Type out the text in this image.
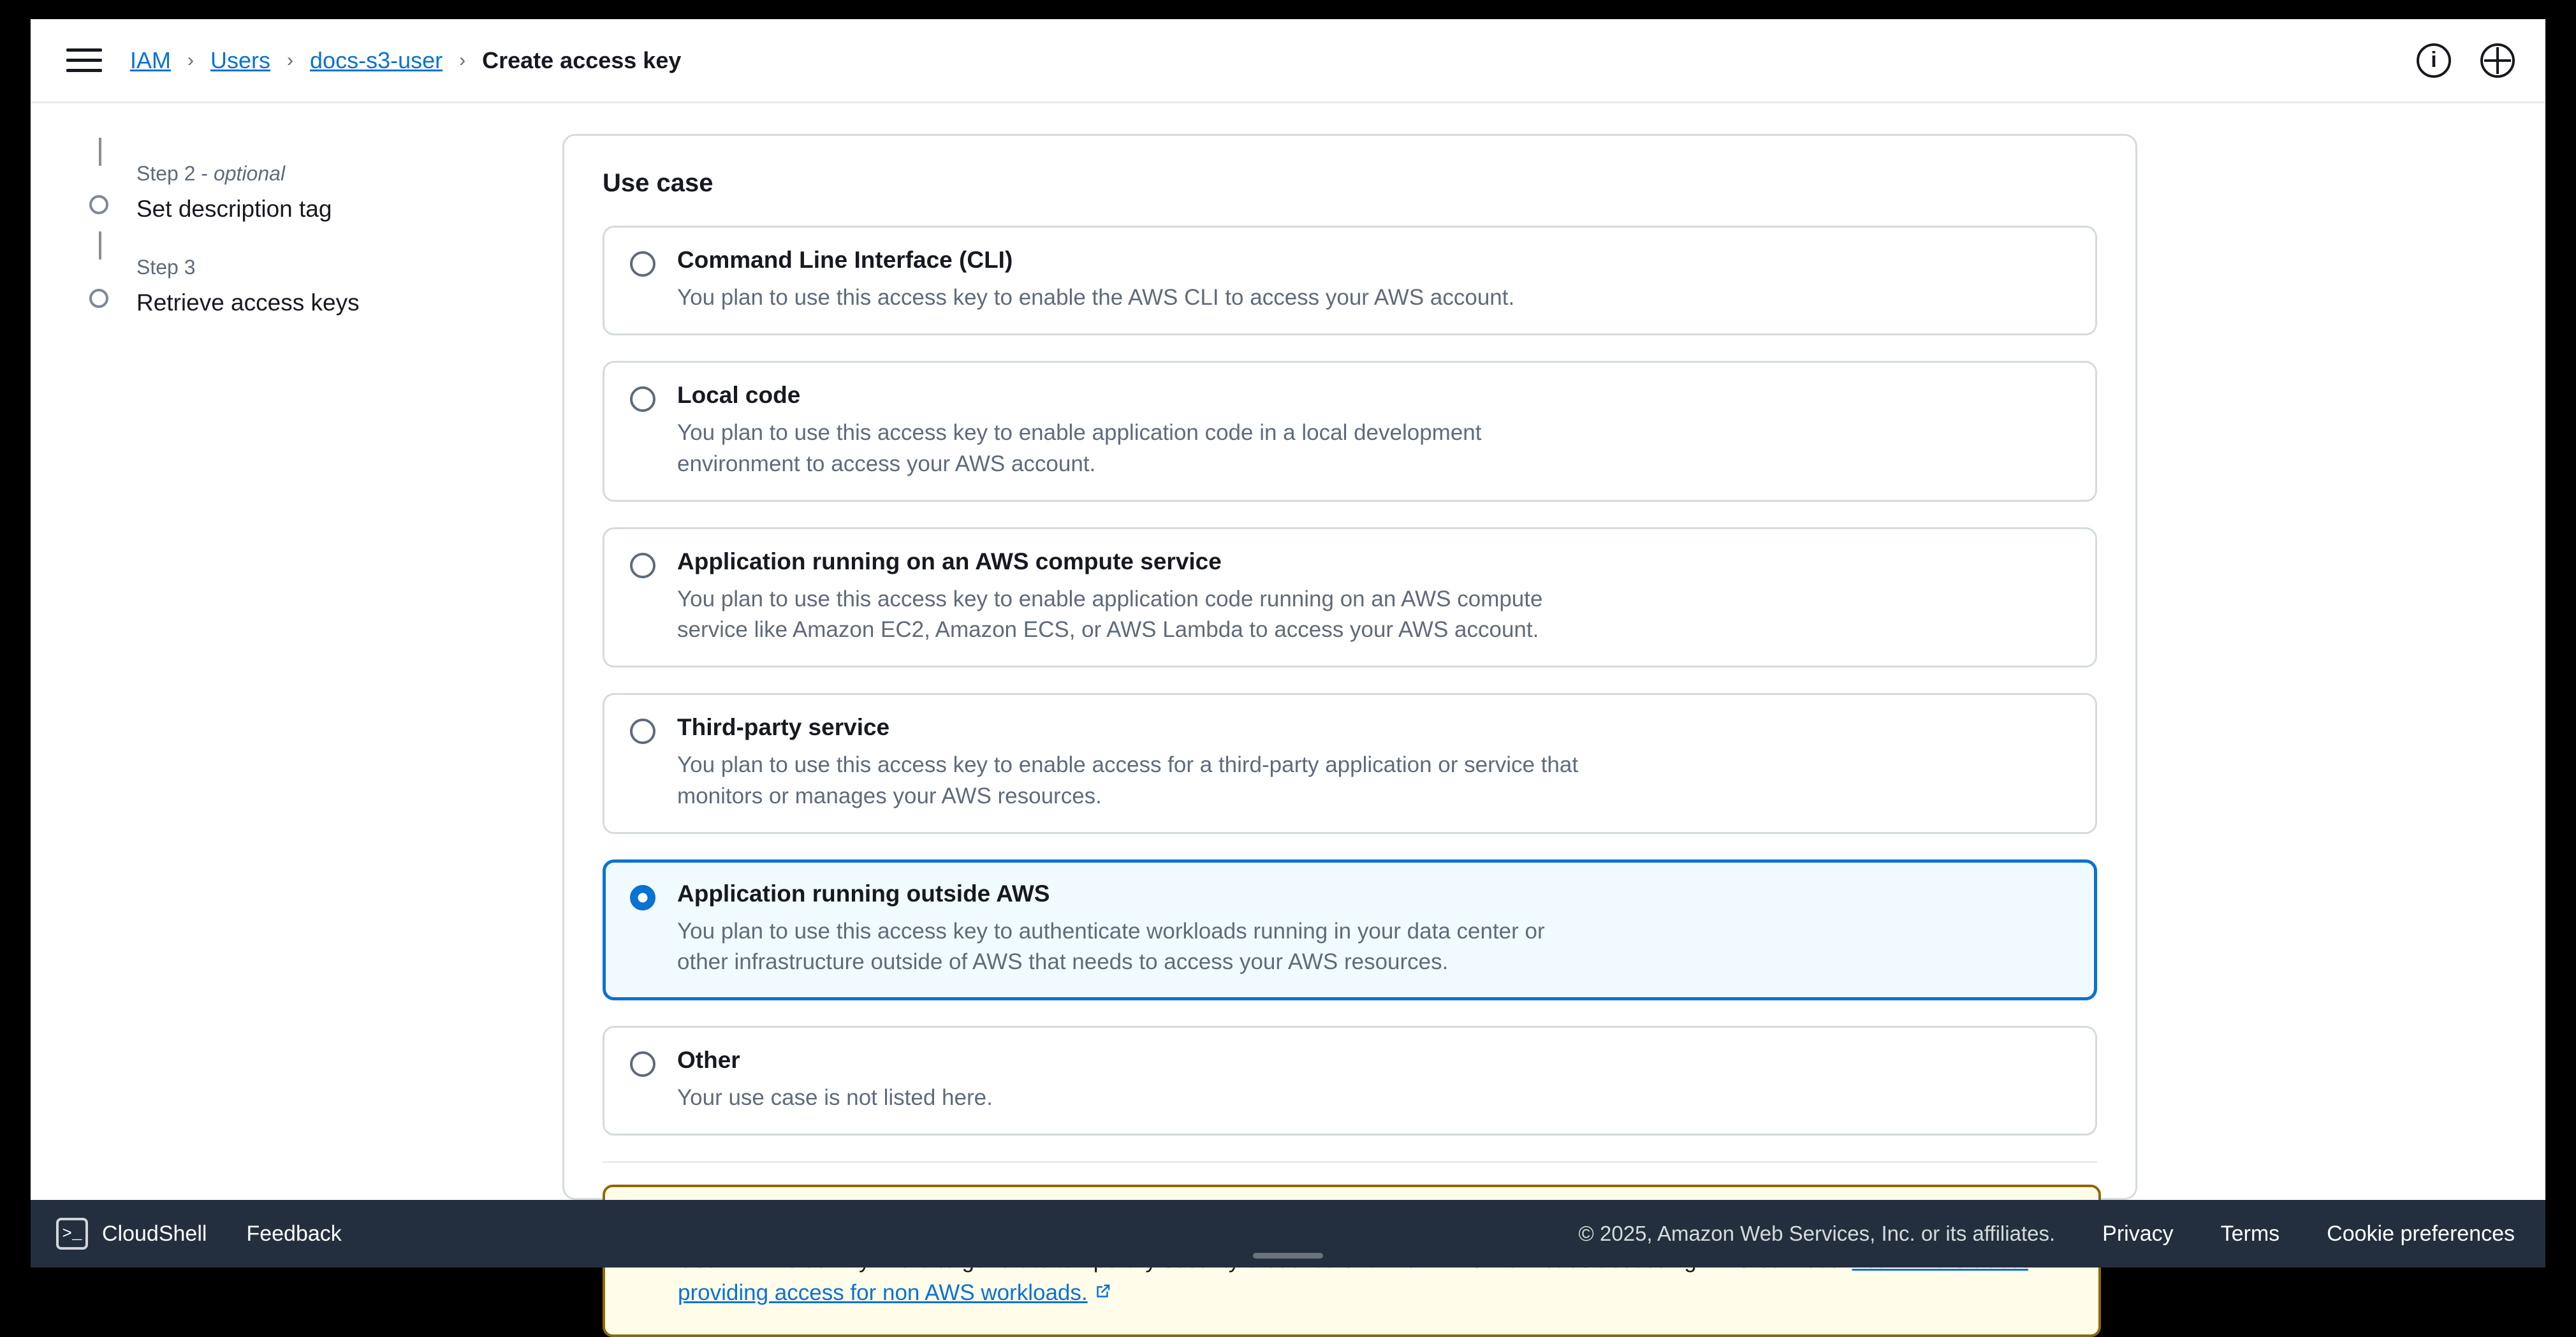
IAM › Users › docs-s3-user › Create access key	i
Step 2 - optional
Set description tag
Step 3
Retrieve access keys
Use case
Command Line Interface (CLI)
You plan to use this access key to enable the AWS CLI to access your AWS account.
Local code
You plan to use this access key to enable application code in a local development environment to access your AWS account.
Application running on an AWS compute service
You plan to use this access key to enable application code running on an AWS compute service like Amazon EC2, Amazon ECS, or AWS Lambda to access your AWS account.
Third-party service
You plan to use this access key to enable access for a third-party application or service that monitors or manages your AWS resources.
Application running outside AWS
You plan to use this access key to authenticate workloads running in your data center or other infrastructure outside of AWS that needs to access your AWS resources.
Other
Your use case is not listed here.
providing access for non AWS workloads.
>_ CloudShell Feedback	© 2025, Amazon Web Services, Inc. or its affiliates. Privacy Terms Cookie preferences
